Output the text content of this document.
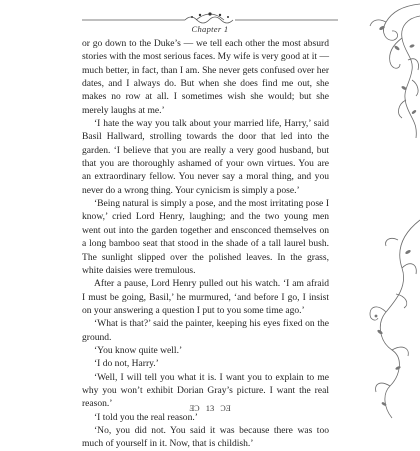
Chapter 1

or go down to the Duke’s — we tell each other the most absurd stories with the most serious faces. My wife is very good at it — much better, in fact, than I am. She never gets confused over her dates, and I always do. But when she does find me out, she makes no row at all. I sometimes wish she would; but she merely laughs at me.’

‘I hate the way you talk about your married life, Harry,’ said Basil Hallward, strolling towards the door that led into the garden. ‘I believe that you are really a very good husband, but that you are thoroughly ashamed of your own virtues. You are an extraordinary fellow. You never say a moral thing, and you never do a wrong thing. Your cynicism is simply a pose.’

‘Being natural is simply a pose, and the most irritating pose I know,’ cried Lord Henry, laughing; and the two young men went out into the garden together and ensconced themselves on a long bamboo seat that stood in the shade of a tall laurel bush. The sunlight slipped over the polished leaves. In the grass, white daisies were tremulous.

After a pause, Lord Henry pulled out his watch. ‘I am afraid I must be going, Basil,’ he murmured, ‘and before I go, I insist on your answering a question I put to you some time ago.’

‘What is that?’ said the painter, keeping his eyes fixed on the ground.

‘You know quite well.’

‘I do not, Harry.’

‘Well, I will tell you what it is. I want you to explain to me why you won’t exhibit Dorian Gray’s picture. I want the real reason.’

‘I told you the real reason.’

‘No, you did not. You said it was because there was too much of yourself in it. Now, that is childish.’

ƎƆ 13 ƆƎ
